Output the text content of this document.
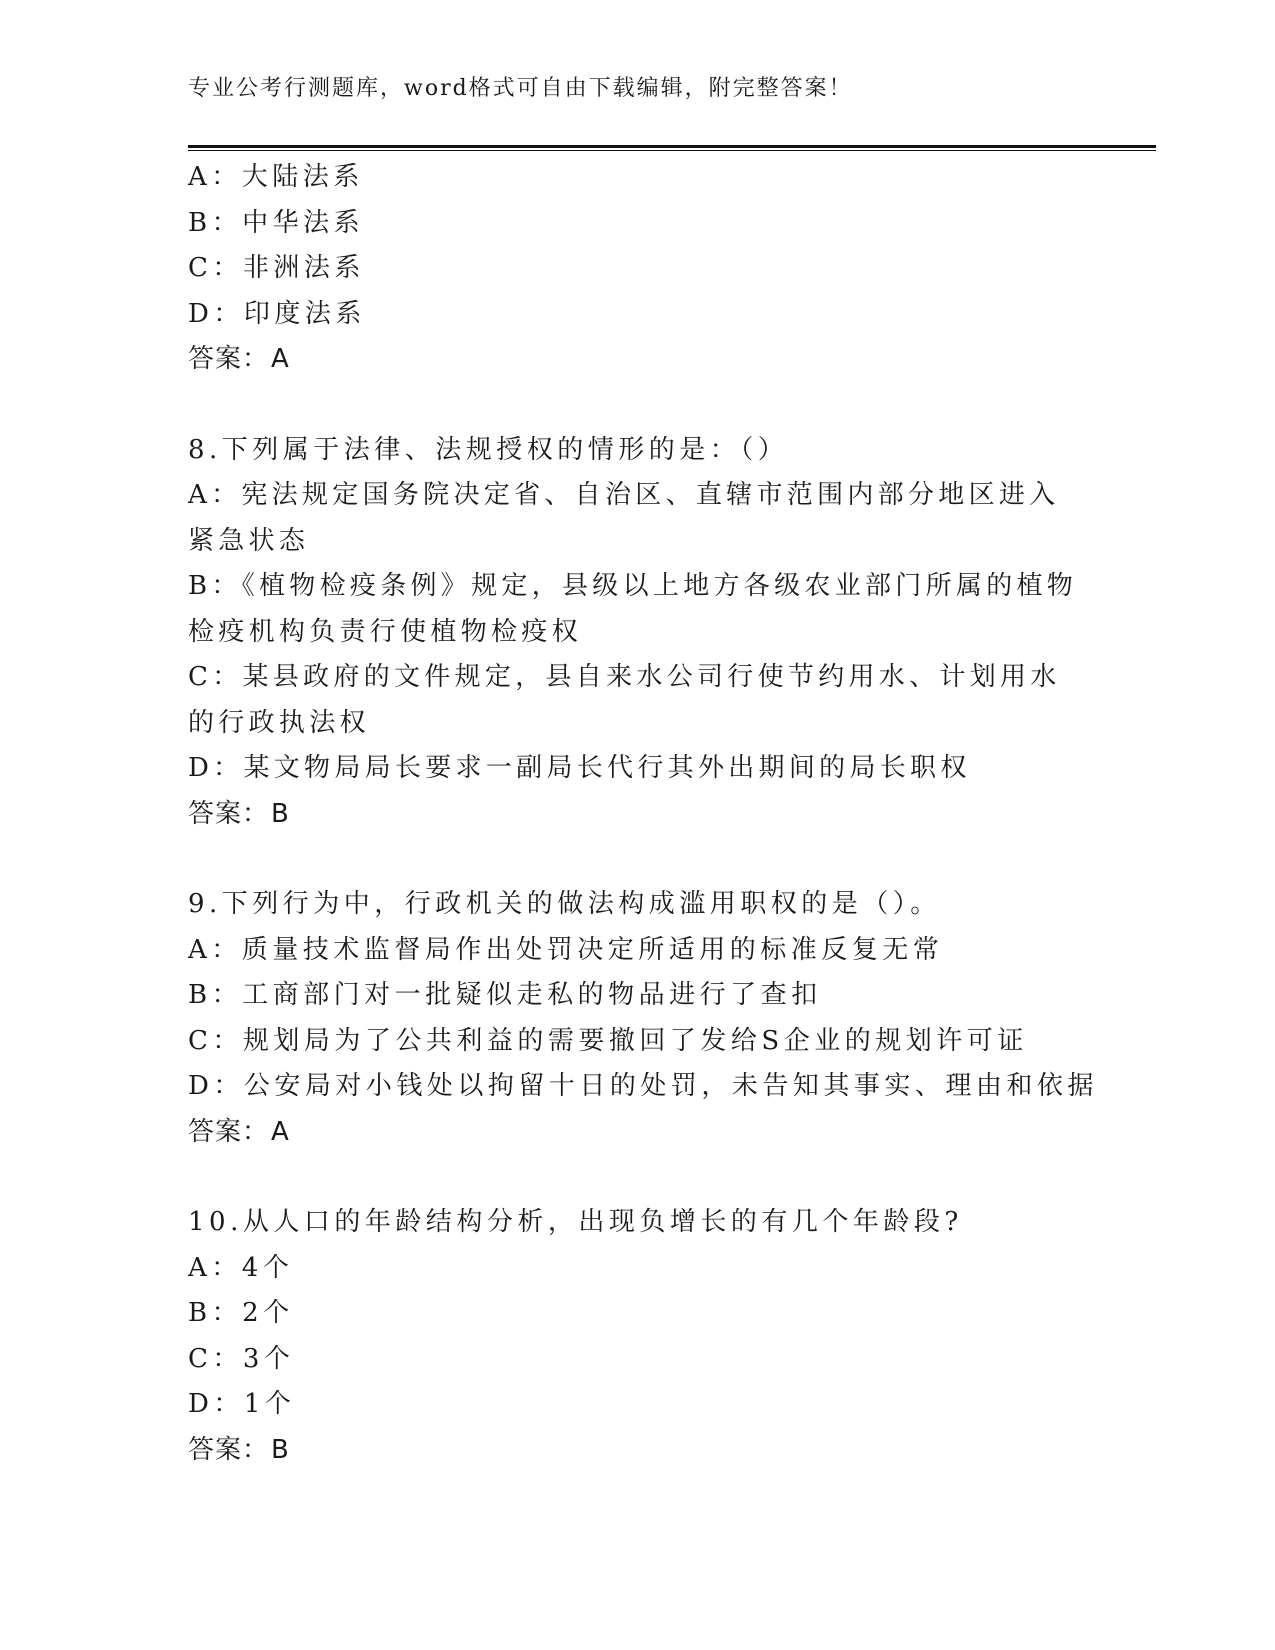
专业公考行测题库，word格式可自由下载编辑，附完整答案！
A：大陆法系
B：中华法系
C：非洲法系
D：印度法系
答案：A
8.下列属于法律、法规授权的情形的是：（）
A：宪法规定国务院决定省、自治区、直辖市范围内部分地区进入紧急状态
B：《植物检疫条例》规定，县级以上地方各级农业部门所属的植物检疫机构负责行使植物检疫权
C：某县政府的文件规定，县自来水公司行使节约用水、计划用水的行政执法权
D：某文物局局长要求一副局长代行其外出期间的局长职权
答案：B
9.下列行为中，行政机关的做法构成滥用职权的是（）。
A：质量技术监督局作出处罚决定所适用的标准反复无常
B：工商部门对一批疑似走私的物品进行了查扣
C：规划局为了公共利益的需要撤回了发给S企业的规划许可证
D：公安局对小钱处以拘留十日的处罚，未告知其事实、理由和依据
答案：A
10.从人口的年龄结构分析，出现负增长的有几个年龄段?
A：4个
B：2个
C：3个
D：1个
答案：B
